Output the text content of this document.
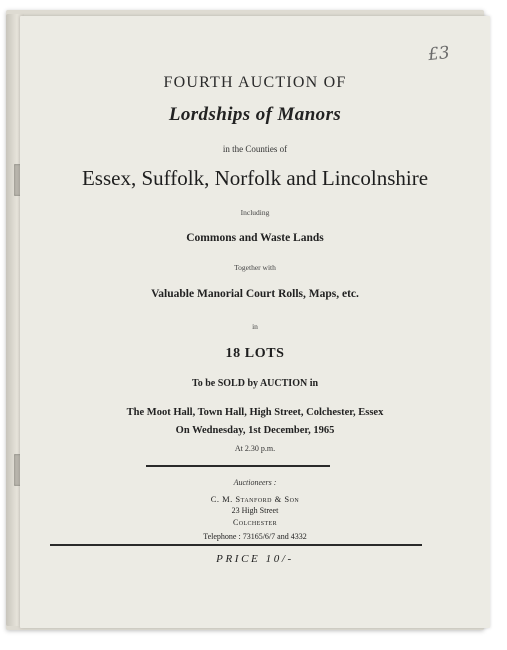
£3
FOURTH AUCTION OF
Lordships of Manors
in the Counties of
Essex, Suffolk, Norfolk and Lincolnshire
Including
Commons and Waste Lands
Together with
Valuable Manorial Court Rolls, Maps, etc.
in
18 LOTS
To be SOLD by AUCTION in
The Moot Hall, Town Hall, High Street, Colchester, Essex
On Wednesday, 1st December, 1965
At 2.30 p.m.
Auctioneers :
C. M. Stanford & Son
23 High Street
Colchester
Telephone : 73165/6/7 and 4332
PRICE 10/-
